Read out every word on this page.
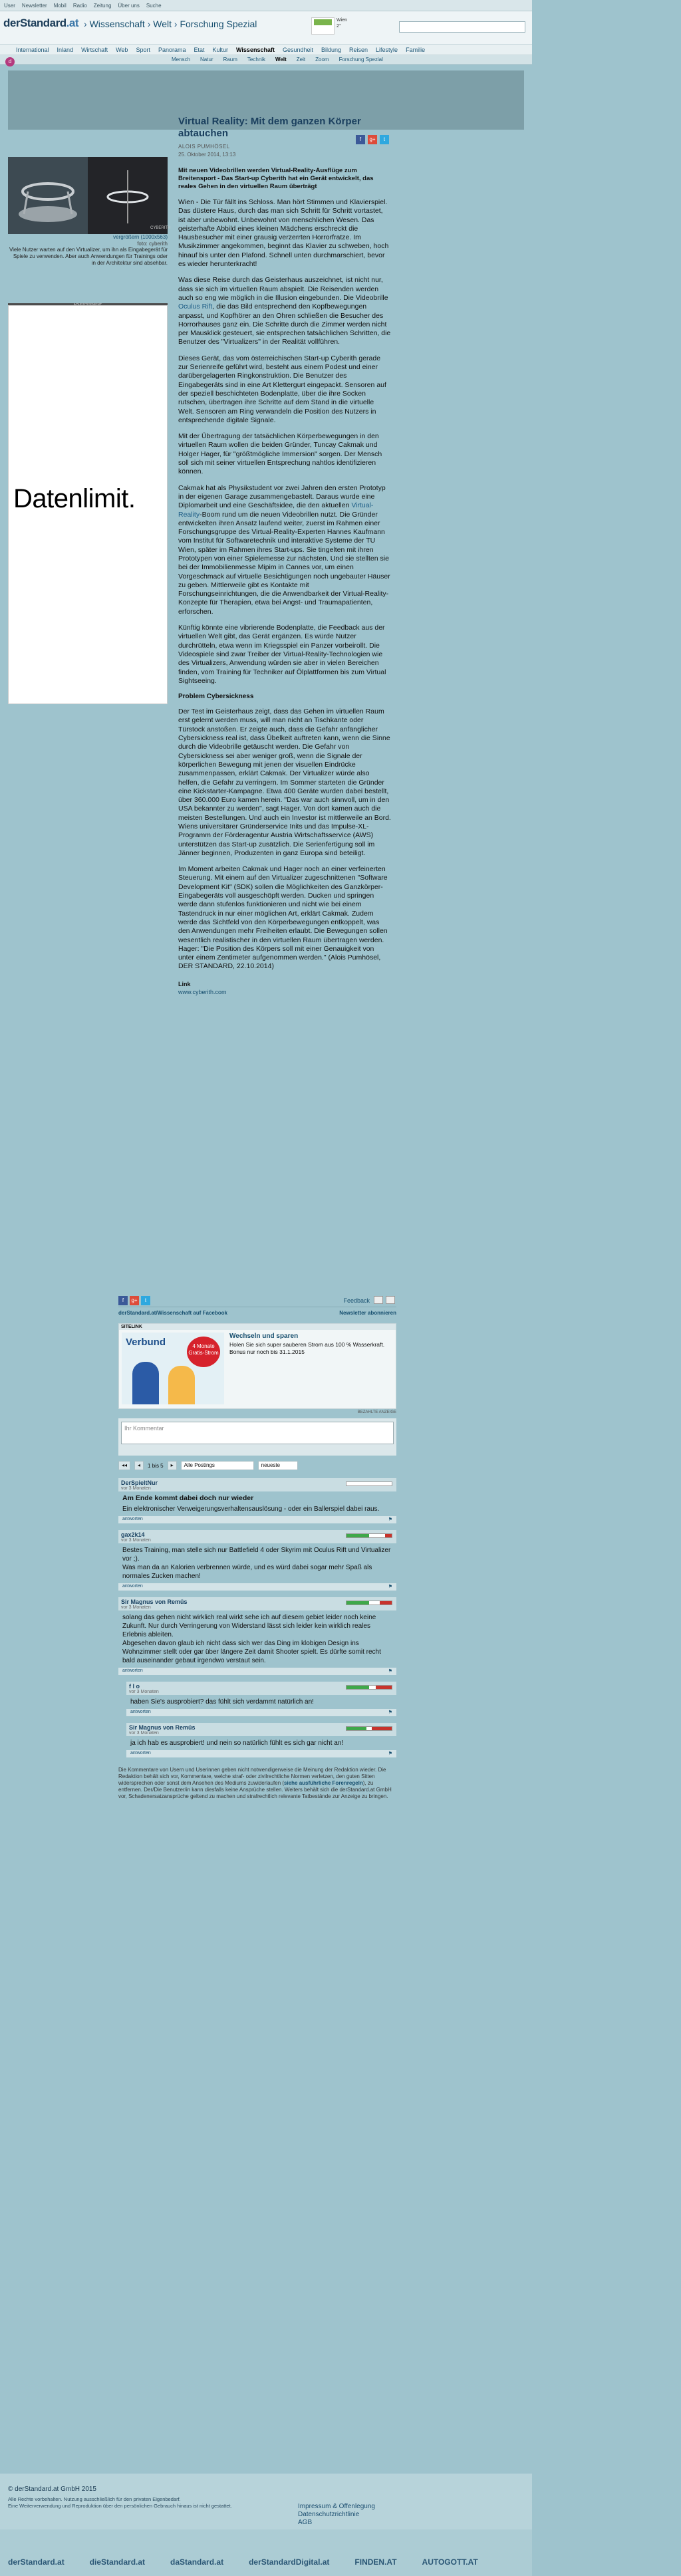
User Newsletter Mobil Radio Zeitung Über uns Suche
derStandard.at › Wissenschaft › Welt › Forschung Spezial	Wien
2°
d
International Inland Wirtschaft Web Sport Panorama Etat Kultur Wissenschaft Gesundheit Bildung Reisen Lifestyle Familie
Mensch Natur Raum Technik Welt Zeit Zoom Forschung Spezial
CYBERITH
vergrößern (1000x563)
foto: cyberith
Viele Nutzer warten auf den Virtualizer, um ihn als Eingabegerät für Spiele zu verwenden. Aber auch Anwendungen für Trainings oder in der Architektur sind absehbar.
Datenlimit.
f	g+	t
Virtual Reality: Mit dem ganzen Körper abtauchen
ALOIS PUMHÖSEL
25. Oktober 2014, 13:13
Mit neuen Videobrillen werden Virtual-Reality-Ausflüge zum Breitensport - Das Start-up Cyberith hat ein Gerät entwickelt, das reales Gehen in den virtuellen Raum überträgt

Wien - Die Tür fällt ins Schloss. Man hört Stimmen und Klavierspiel. Das düstere Haus, durch das man sich Schritt für Schritt vortastet, ist aber unbewohnt. Unbewohnt von menschlichen Wesen. Das geisterhafte Abbild eines kleinen Mädchens erschreckt die Hausbesucher mit einer grausig verzerrten Horrorfratze. Im Musikzimmer angekommen, beginnt das Klavier zu schweben, hoch hinauf bis unter den Plafond. Schnell unten durchmarschiert, bevor es wieder herunterkracht!

Was diese Reise durch das Geisterhaus auszeichnet, ist nicht nur, dass sie sich im virtuellen Raum abspielt. Die Reisenden werden auch so eng wie möglich in die Illusion eingebunden. Die Videobrille Oculus Rift, die das Bild entsprechend den Kopfbewegungen anpasst, und Kopfhörer an den Ohren schließen die Besucher des Horrorhauses ganz ein. Die Schritte durch die Zimmer werden nicht per Mausklick gesteuert, sie entsprechen tatsächlichen Schritten, die Benutzer des "Virtualizers" in der Realität vollführen.

Dieses Gerät, das vom österreichischen Start-up Cyberith gerade zur Serienreife geführt wird, besteht aus einem Podest und einer darübergelagerten Ringkonstruktion. Die Benutzer des Eingabegeräts sind in eine Art Klettergurt eingepackt. Sensoren auf der speziell beschichteten Bodenplatte, über die ihre Socken rutschen, übertragen ihre Schritte auf dem Stand in die virtuelle Welt. Sensoren am Ring verwandeln die Position des Nutzers in entsprechende digitale Signale.

Mit der Übertragung der tatsächlichen Körperbewegungen in den virtuellen Raum wollen die beiden Gründer, Tuncay Cakmak und Holger Hager, für "größtmögliche Immersion" sorgen. Der Mensch soll sich mit seiner virtuellen Entsprechung nahtlos identifizieren können.

Cakmak hat als Physikstudent vor zwei Jahren den ersten Prototyp in der eigenen Garage zusammengebastelt. Daraus wurde eine Diplomarbeit und eine Geschäftsidee, die den aktuellen Virtual-Reality-Boom rund um die neuen Videobrillen nutzt. Die Gründer entwickelten ihren Ansatz laufend weiter, zuerst im Rahmen einer Forschungsgruppe des Virtual-Reality-Experten Hannes Kaufmann vom Institut für Softwaretechnik und interaktive Systeme der TU Wien, später im Rahmen ihres Start-ups. Sie tingelten mit ihren Prototypen von einer Spielemesse zur nächsten. Und sie stellten sie bei der Immobilienmesse Mipim in Cannes vor, um einen Vorgeschmack auf virtuelle Besichtigungen noch ungebauter Häuser zu geben. Mittlerweile gibt es Kontakte mit Forschungseinrichtungen, die die Anwendbarkeit der Virtual-Reality-Konzepte für Therapien, etwa bei Angst- und Traumapatienten, erforschen.

Künftig könnte eine vibrierende Bodenplatte, die Feedback aus der virtuellen Welt gibt, das Gerät ergänzen. Es würde Nutzer durchrütteln, etwa wenn im Kriegsspiel ein Panzer vorbeirollt. Die Videospiele sind zwar Treiber der Virtual-Reality-Technologien wie des Virtualizers, Anwendung würden sie aber in vielen Bereichen finden, vom Training für Techniker auf Ölplattformen bis zum Virtual Sightseeing.

Problem Cybersickness

Der Test im Geisterhaus zeigt, dass das Gehen im virtuellen Raum erst gelernt werden muss, will man nicht an Tischkante oder Türstock anstoßen. Er zeigte auch, dass die Gefahr anfänglicher Cybersickness real ist, dass Übelkeit auftreten kann, wenn die Sinne durch die Videobrille getäuscht werden. Die Gefahr von Cybersickness sei aber weniger groß, wenn die Signale der körperlichen Bewegung mit jenen der visuellen Eindrücke zusammenpassen, erklärt Cakmak. Der Virtualizer würde also helfen, die Gefahr zu verringern. Im Sommer starteten die Gründer eine Kickstarter-Kampagne. Etwa 400 Geräte wurden dabei bestellt, über 360.000 Euro kamen herein. "Das war auch sinnvoll, um in den USA bekannter zu werden", sagt Hager. Von dort kamen auch die meisten Bestellungen. Und auch ein Investor ist mittlerweile an Bord. Wiens universitärer Gründerservice Inits und das Impulse-XL-Programm der Förderagentur Austria Wirtschaftsservice (AWS) unterstützen das Start-up zusätzlich. Die Serienfertigung soll im Jänner beginnen, Produzenten in ganz Europa sind beteiligt.

Im Moment arbeiten Cakmak und Hager noch an einer verfeinerten Steuerung. Mit einem auf den Virtualizer zugeschnittenen "Software Development Kit" (SDK) sollen die Möglichkeiten des Ganzkörper-Eingabegeräts voll ausgeschöpft werden. Ducken und springen werde dann stufenlos funktionieren und nicht wie bei einem Tastendruck in nur einer möglichen Art, erklärt Cakmak. Zudem werde das Sichtfeld von den Körperbewegungen entkoppelt, was den Anwendungen mehr Freiheiten erlaubt. Die Bewegungen sollen wesentlich realistischer in den virtuellen Raum übertragen werden. Hager: "Die Position des Körpers soll mit einer Genauigkeit von unter einem Zentimeter aufgenommen werden." (Alois Pumhösel, DER STANDARD, 22.10.2014)

Link
www.cyberith.com
f	g+	t	Feedback
derStandard.at/Wissenschaft auf Facebook	Newsletter abonnieren
SITELINK
Verbund	4 Monate Gratis-Strom
Wechseln und sparen
Holen Sie sich super sauberen Strom aus 100 % Wasserkraft. Bonus nur noch bis 31.1.2015
BEZAHLTE ANZEIGE
Ihr Kommentar
◂◂	◂	1 bis 5	▸	Alle Postings	neueste
DerSpieltNur
vor 3 Monaten
Am Ende kommt dabei doch nur wieder
Ein elektronischer Verweigerungsverhaltensauslösung - oder ein Ballerspiel dabei raus.
antworten	⚑
gax2k14
vor 3 Monaten
Bestes Training, man stelle sich nur Battlefield 4 oder Skyrim mit Oculus Rift und Virtualizer vor ;).
Was man da an Kalorien verbrennen würde, und es würd dabei sogar mehr Spaß als normales Zucken machen!
antworten	⚑
Sir Magnus von Remüs
vor 3 Monaten
solang das gehen nicht wirklich real wirkt sehe ich auf diesem gebiet leider noch keine Zukunft. Nur durch Verringerung von Widerstand lässt sich leider kein wirklich reales Erlebnis ableiten.
Abgesehen davon glaub ich nicht dass sich wer das Ding im klobigen Design ins Wohnzimmer stellt oder gar über längere Zeit damit Shooter spielt. Es dürfte somit recht bald auseinander gebaut irgendwo verstaut sein.
antworten	⚑
f l o
vor 3 Monaten
haben Sie's ausprobiert? das fühlt sich verdammt natürlich an!
antworten	⚑
Sir Magnus von Remüs
vor 3 Monaten
ja ich hab es ausprobiert! und nein so natürlich fühlt es sich gar nicht an!
antworten	⚑
Die Kommentare von Usern und Userinnen geben nicht notwendigerweise die Meinung der Redaktion wieder. Die Redaktion behält sich vor, Kommentare, welche straf- oder zivilrechtliche Normen verletzen, den guten Sitten widersprechen oder sonst dem Ansehen des Mediums zuwiderlaufen (siehe ausführliche Forenregeln), zu entfernen. Der/Die Benutzer/in kann diesfalls keine Ansprüche stellen. Weiters behält sich die derStandard.at GmbH vor, Schadenersatzansprüche geltend zu machen und strafrechtlich relevante Tatbestände zur Anzeige zu bringen.
© derStandard.at GmbH 2015
Alle Rechte vorbehalten. Nutzung ausschließlich für den privaten Eigenbedarf.
Eine Weiterverwendung und Reproduktion über den persönlichen Gebrauch hinaus ist nicht gestattet.	Impressum & Offenlegung
Datenschutzrichtlinie
AGB
derStandard.at	dieStandard.at	daStandard.at	derStandardDigital.at	FINDEN.AT	AUTOGOTT.AT
